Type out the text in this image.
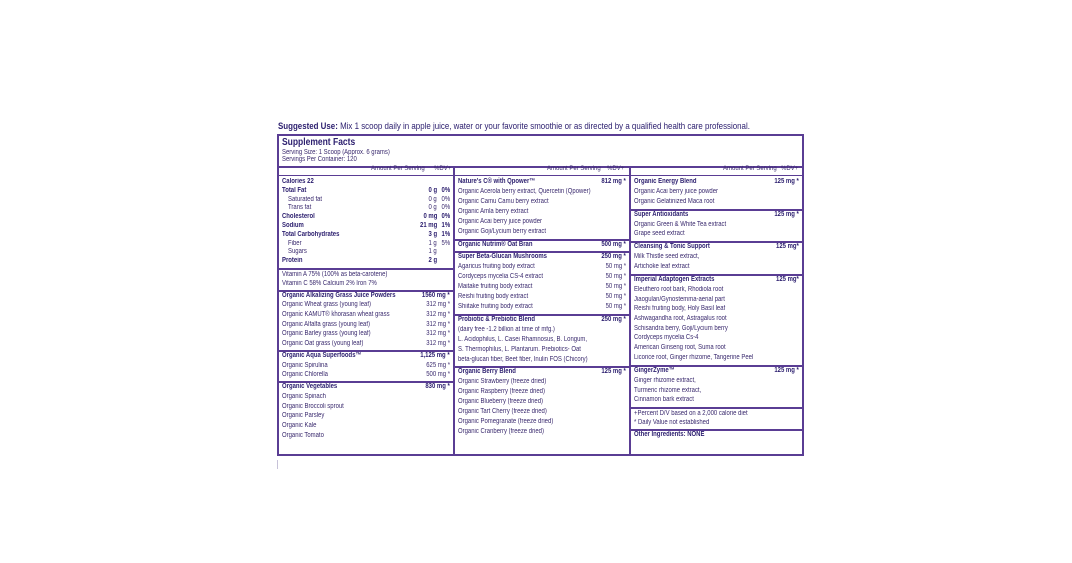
Suggested Use: Mix 1 scoop daily in apple juice, water or your favorite smoothie or as directed by a qualified health care professional.
Supplement Facts
Serving Size: 1 Scoop (Approx. 6 grams)
Servings Per Container: 120
Amount Per Serving %DV+
Calories 22
Total Fat	0 g 0%
Saturated fat	0 g 0%
Trans fat	0 g 0%
Cholesterol	0 mg 0%
Sodium	21 mg 1%
Total Carbohydrates	3 g 1%
Fiber	1 g 5%
Sugars	1 g
Protein	2 g
Vitamin A 75% (100% as beta-carotene)
Vitamin C 58% Calcium 2% Iron 7%
Organic Alkalizing Grass Juice Powders	1560 mg *
Organic Wheat grass (young leaf)	312 mg *
Organic KAMUT® khorasan wheat grass	312 mg *
Organic Alfalfa grass (young leaf)	312 mg *
Organic Barley grass (young leaf)	312 mg *
Organic Oat grass (young leaf)	312 mg *
Organic Aqua Superfoods™	1,125 mg *
Organic Spirulina	625 mg *
Organic Chlorella	500 mg *
Organic Vegetables	830 mg *
Organic Spinach
Organic Broccoli sprout
Organic Parsley
Organic Kale
Organic Tomato
Amount Per Serving %DV+
Nature's C® with Qpower™	812 mg *
Organic Acerola berry extract, Quercetin (Qpower)
Organic Camu Camu berry extract
Organic Amla berry extract
Organic Acai berry juice powder
Organic Goji/Lycium berry extract
Organic Nutrim® Oat Bran	500 mg *
Super Beta-Glucan Mushrooms	250 mg *
Agaricus fruiting body extract	50 mg *
Cordyceps mycelia CS-4 extract	50 mg *
Maitake fruiting body extract	50 mg *
Reishi fruiting body extract	50 mg *
Shiitake fruiting body extract	50 mg *
Probiotic & Prebiotic Blend	250 mg *
(dairy free -1.2 billion at time of mfg.)
L. Acidophilus, L. Casei Rhamnosus, B. Longum,
S. Thermophilus, L. Plantarum. Prebiotics- Oat
beta-glucan fiber, Beet fiber, Inulin FOS (Chicory)
Organic Berry Blend	125 mg *
Organic Strawberry (freeze dried)
Organic Raspberry (freeze dried)
Organic Blueberry (freeze dried)
Organic Tart Cherry (freeze dried)
Organic Pomegranate (freeze dried)
Organic Cranberry (freeze dried)
Amount Per Serving %DV+
Organic Energy Blend	125 mg *
Organic Acai berry juice powder
Organic Gelatinized Maca root
Super Antioxidants	125 mg *
Organic Green & White Tea extract
Grape seed extract
Cleansing & Tonic Support	125 mg*
Milk Thistle seed extract,
Artichoke leaf extract
Imperial Adaptogen Extracts	125 mg*
Eleuthero root bark, Rhodiola root
Jiaogulan/Gynostemma-aerial part
Reishi fruiting body, Holy Basil leaf
Ashwagandha root, Astragalus root
Schisandra berry, Goji/Lycium berry
Cordyceps mycelia Cs-4
American Ginseng root, Suma root
Licorice root, Ginger rhizome, Tangerine Peel
GingerZyme™	125 mg *
Ginger rhizome extract,
Turmeric rhizome extract,
Cinnamon bark extract
+Percent D/V based on a 2,000 calorie diet
* Daily Value not established
Other Ingredients: NONE
